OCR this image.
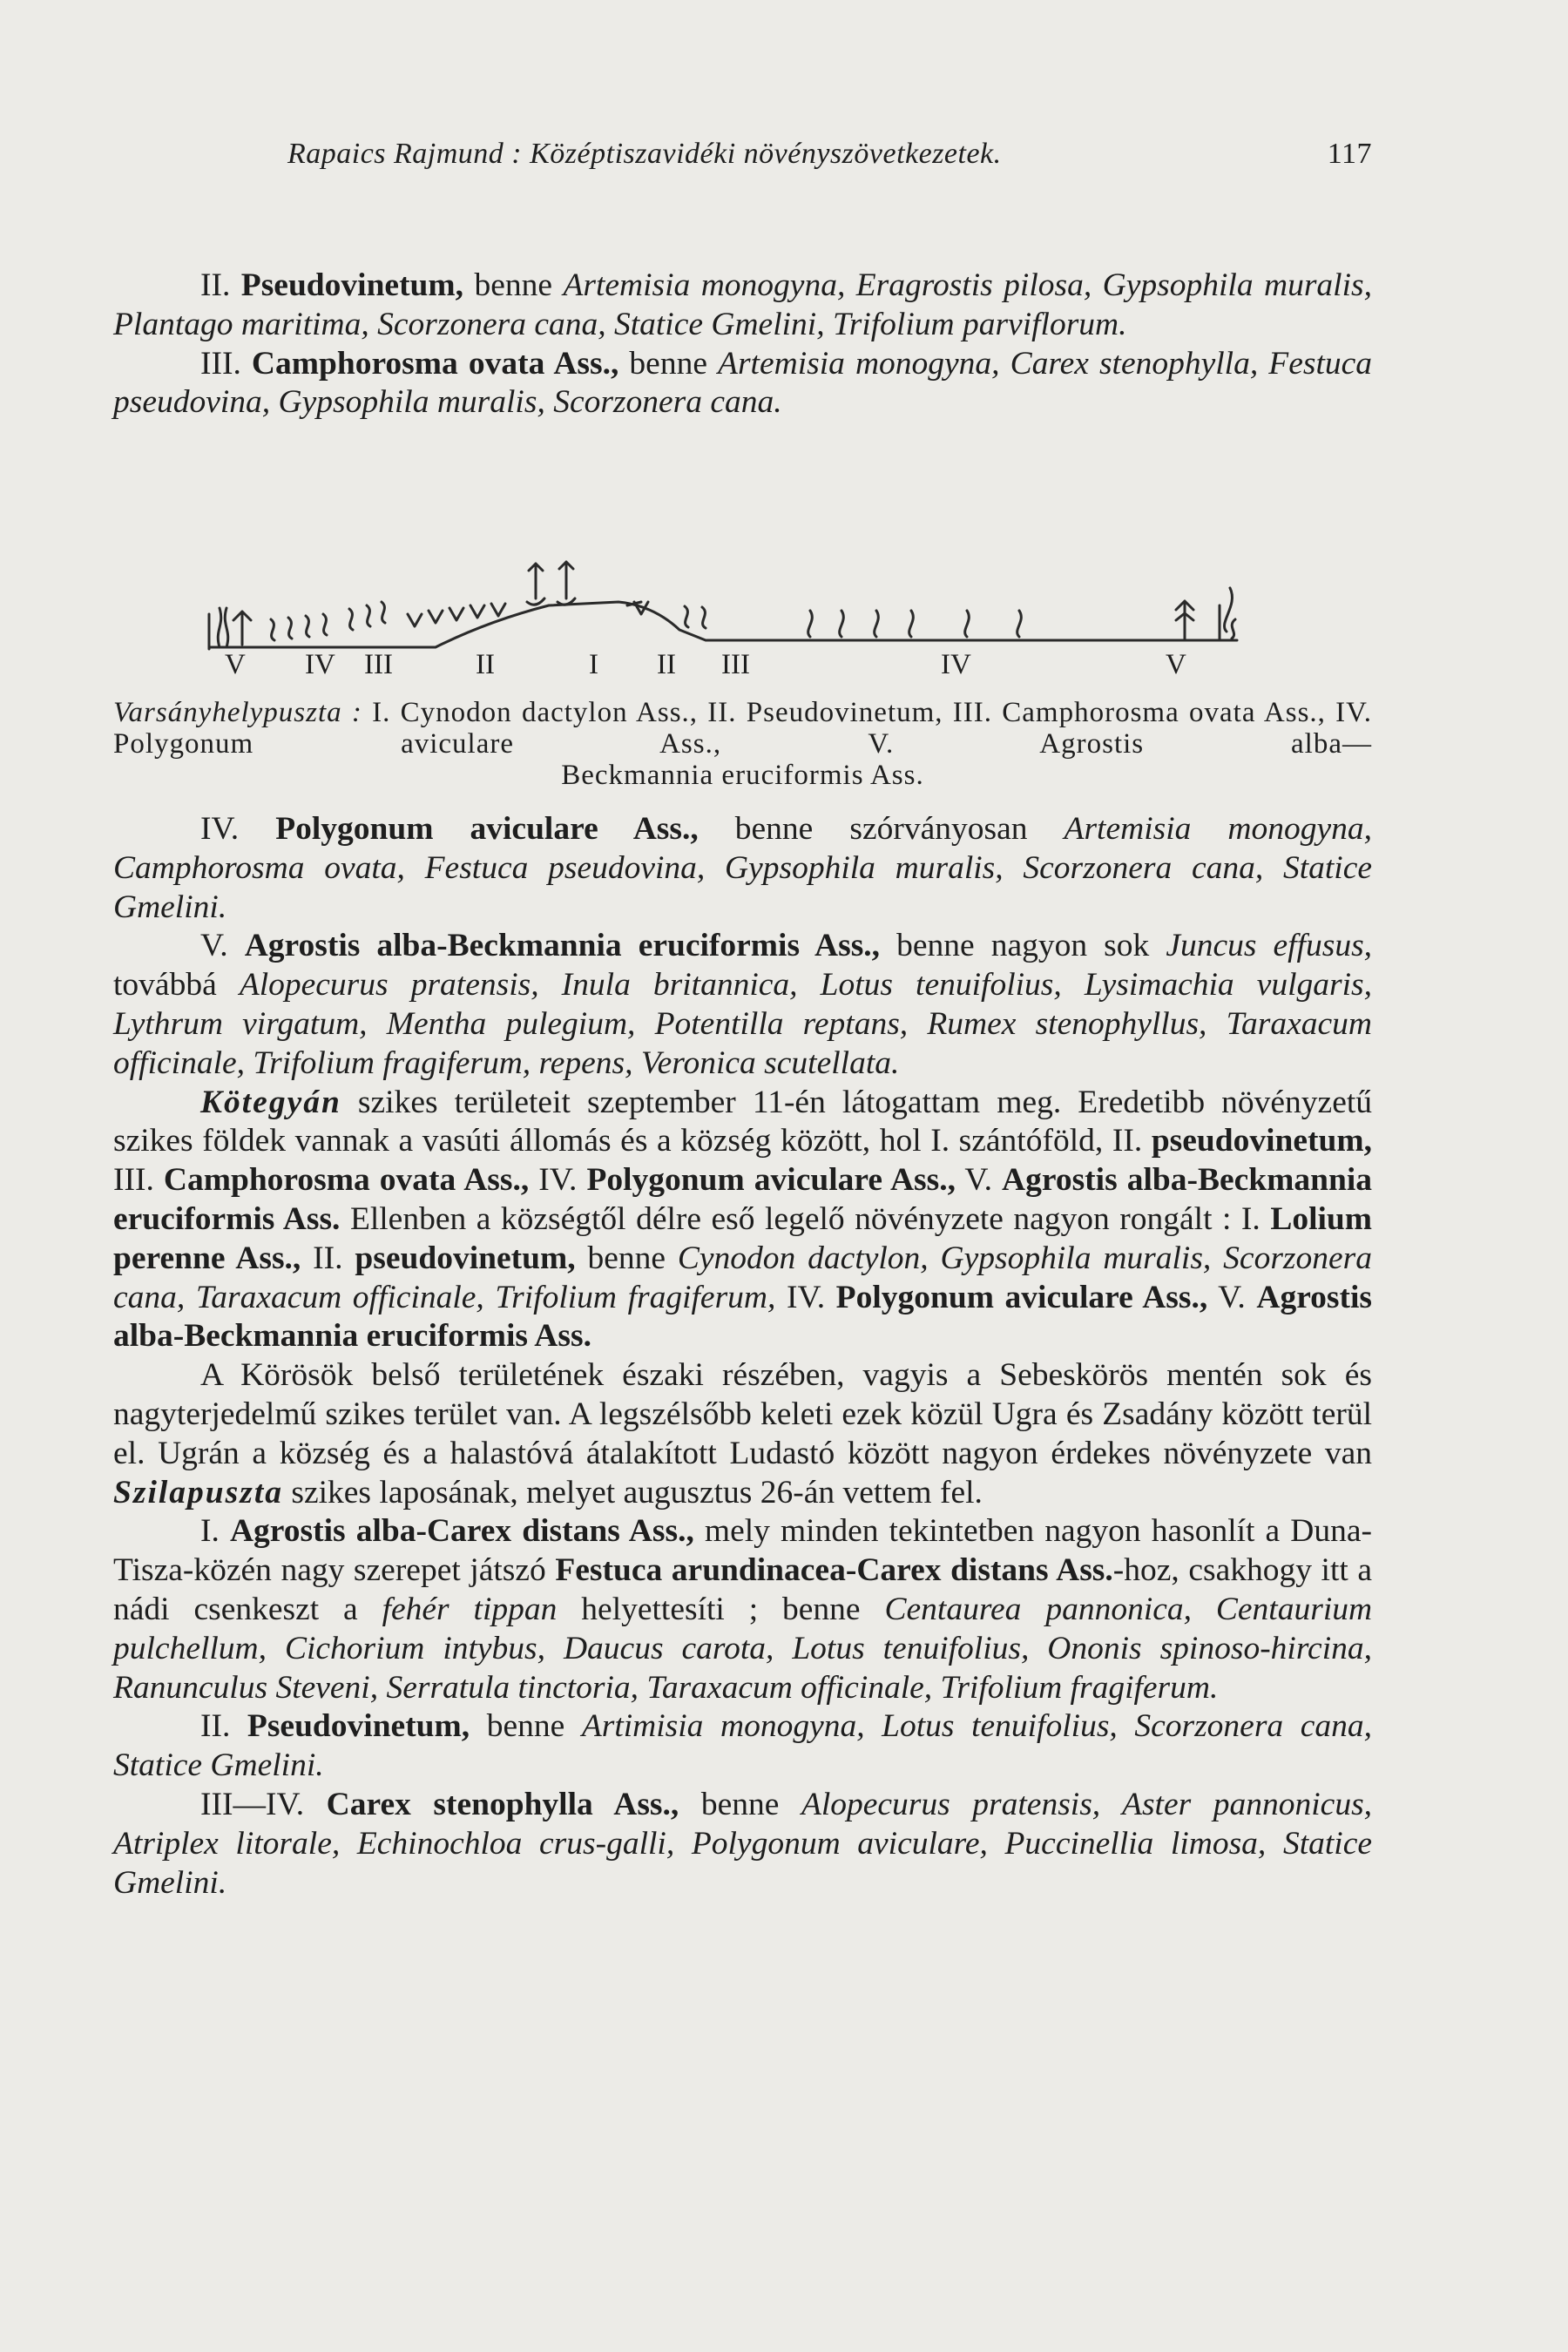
Rapaics Rajmund : Középtiszavidéki növényszövetkezetek.	117

II. Pseudovinetum, benne Artemisia monogyna, Eragrostis pilosa, Gypsophila muralis, Plantago maritima, Scorzonera cana, Statice Gmelini, Trifolium parviflorum.

III. Camphorosma ovata Ass., benne Artemisia monogyna, Carex stenophylla, Festuca pseudovina, Gypsophila muralis, Scorzonera cana.

V IV III	II	I II III	IV	V
Varsányhelypuszta : I. Cynodon dactylon Ass., II. Pseudovinetum, III. Camphorosma ovata Ass., IV. Polygonum aviculare Ass., V. Agrostis alba—
Beckmannia eruciformis Ass.

IV. Polygonum aviculare Ass., benne szórványosan Artemisia monogyna, Camphorosma ovata, Festuca pseudovina, Gypsophila muralis, Scorzonera cana, Statice Gmelini.

V. Agrostis alba-Beckmannia eruciformis Ass., benne nagyon sok Juncus effusus, továbbá Alopecurus pratensis, Inula britannica, Lotus tenuifolius, Lysimachia vulgaris, Lythrum virgatum, Mentha pulegium, Potentilla reptans, Rumex stenophyllus, Taraxacum officinale, Trifolium fragiferum, repens, Veronica scutellata.

Kötegyán szikes területeit szeptember 11-én látogattam meg. Eredetibb növényzetű szikes földek vannak a vasúti állomás és a község között, hol I. szántóföld, II. pseudovinetum, III. Camphorosma ovata Ass., IV. Polygonum aviculare Ass., V. Agrostis alba-Beckmannia eruciformis Ass. Ellenben a községtől délre eső legelő növényzete nagyon rongált : I. Lolium perenne Ass., II. pseudovinetum, benne Cynodon dactylon, Gypsophila muralis, Scorzonera cana, Taraxacum officinale, Trifolium fragiferum, IV. Polygonum aviculare Ass., V. Agrostis alba-Beckmannia eruciformis Ass.

A Körösök belső területének északi részében, vagyis a Sebeskörös mentén sok és nagyterjedelmű szikes terület van. A legszélsőbb keleti ezek közül Ugra és Zsadány között terül el. Ugrán a község és a halastóvá átalakított Ludastó között nagyon érdekes növényzete van Szilapuszta szikes laposának, melyet augusztus 26-án vettem fel.

I. Agrostis alba-Carex distans Ass., mely minden tekintetben nagyon hasonlít a Duna-Tisza-közén nagy szerepet játszó Festuca arundinacea-Carex distans Ass.-hoz, csakhogy itt a nádi csenkeszt a fehér tippan helyettesíti ; benne Centaurea pannonica, Centaurium pulchellum, Cichorium intybus, Daucus carota, Lotus tenuifolius, Ononis spinoso-hircina, Ranunculus Steveni, Serratula tinctoria, Taraxacum officinale, Trifolium fragiferum.

II. Pseudovinetum, benne Artimisia monogyna, Lotus tenuifolius, Scorzonera cana, Statice Gmelini.

III—IV. Carex stenophylla Ass., benne Alopecurus pratensis, Aster pannonicus, Atriplex litorale, Echinochloa crus-galli, Polygonum aviculare, Puccinellia limosa, Statice Gmelini.
